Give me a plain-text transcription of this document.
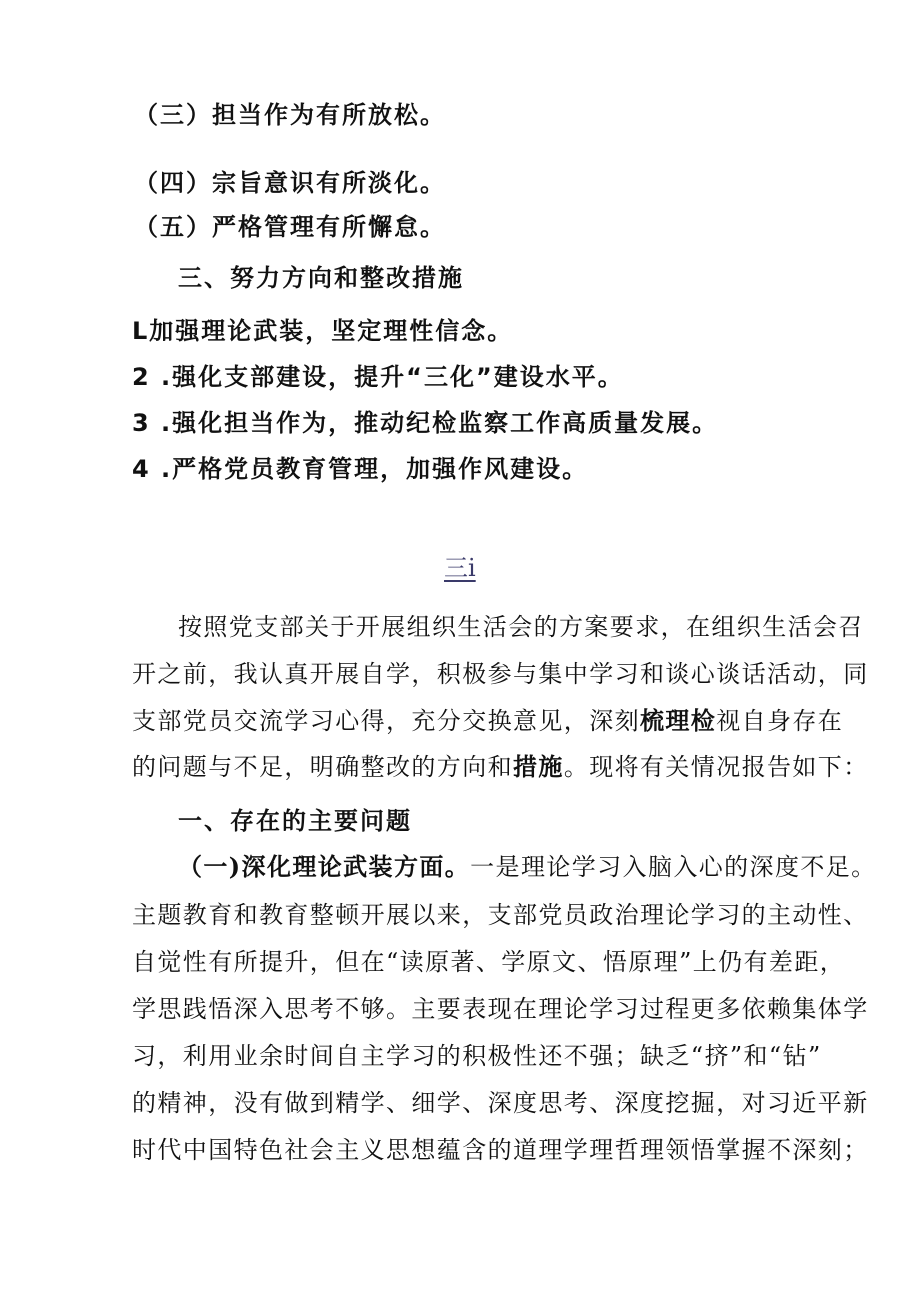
（三）担当作为有所放松。
（四）宗旨意识有所淡化。
（五）严格管理有所懈怠。
三、努力方向和整改措施
L加强理论武装，坚定理性信念。
2 .强化支部建设，提升“三化”建设水平。
3 .强化担当作为，推动纪检监察工作高质量发展。
4 .严格党员教育管理，加强作风建设。
三i
按照党支部关于开展组织生活会的方案要求，在组织生活会召
开之前，我认真开展自学，积极参与集中学习和谈心谈话活动，同
支部党员交流学习心得，充分交换意见，深刻梳理检视自身存在
的问题与不足，明确整改的方向和措施。现将有关情况报告如下：
一、存在的主要问题
（一)深化理论武装方面。一是理论学习入脑入心的深度不足。
主题教育和教育整顿开展以来，支部党员政治理论学习的主动性、
自觉性有所提升，但在“读原著、学原文、悟原理”上仍有差距，
学思践悟深入思考不够。主要表现在理论学习过程更多依赖集体学
习，利用业余时间自主学习的积极性还不强；缺乏“挤”和“钻”
的精神，没有做到精学、细学、深度思考、深度挖掘，对习近平新
时代中国特色社会主义思想蕴含的道理学理哲理领悟掌握不深刻；
